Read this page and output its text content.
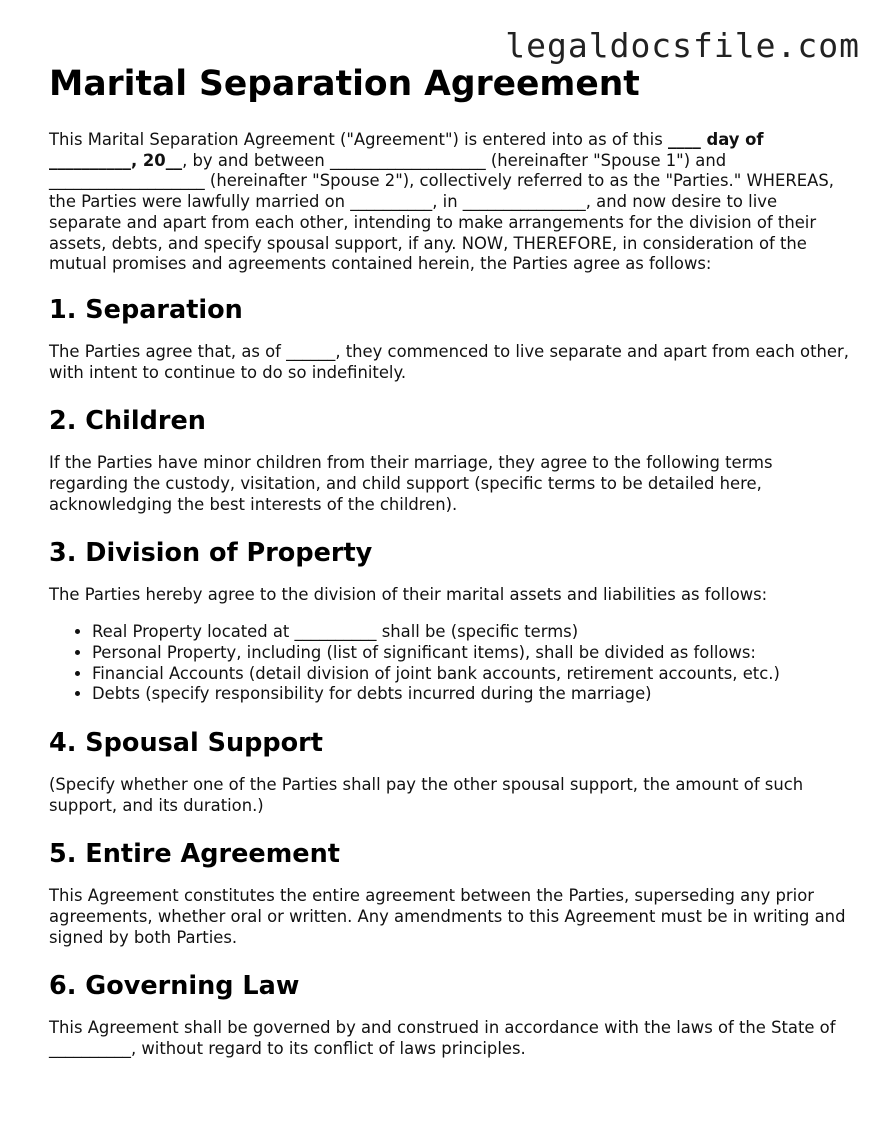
legaldocsfile.com
Marital Separation Agreement

This Marital Separation Agreement ("Agreement") is entered into as of this ____ day of __________, 20__, by and between ___________________ (hereinafter "Spouse 1") and ___________________ (hereinafter "Spouse 2"), collectively referred to as the "Parties." WHEREAS, the Parties were lawfully married on __________, in _______________, and now desire to live separate and apart from each other, intending to make arrangements for the division of their assets, debts, and specify spousal support, if any. NOW, THEREFORE, in consideration of the mutual promises and agreements contained herein, the Parties agree as follows:

1. Separation

The Parties agree that, as of ______, they commenced to live separate and apart from each other, with intent to continue to do so indefinitely.

2. Children

If the Parties have minor children from their marriage, they agree to the following terms regarding the custody, visitation, and child support (specific terms to be detailed here, acknowledging the best interests of the children).

3. Division of Property

The Parties hereby agree to the division of their marital assets and liabilities as follows:

• Real Property located at __________ shall be (specific terms)
• Personal Property, including (list of significant items), shall be divided as follows:
• Financial Accounts (detail division of joint bank accounts, retirement accounts, etc.)
• Debts (specify responsibility for debts incurred during the marriage)
4. Spousal Support

(Specify whether one of the Parties shall pay the other spousal support, the amount of such support, and its duration.)

5. Entire Agreement

This Agreement constitutes the entire agreement between the Parties, superseding any prior agreements, whether oral or written. Any amendments to this Agreement must be in writing and signed by both Parties.

6. Governing Law

This Agreement shall be governed by and construed in accordance with the laws of the State of __________, without regard to its conflict of laws principles.
